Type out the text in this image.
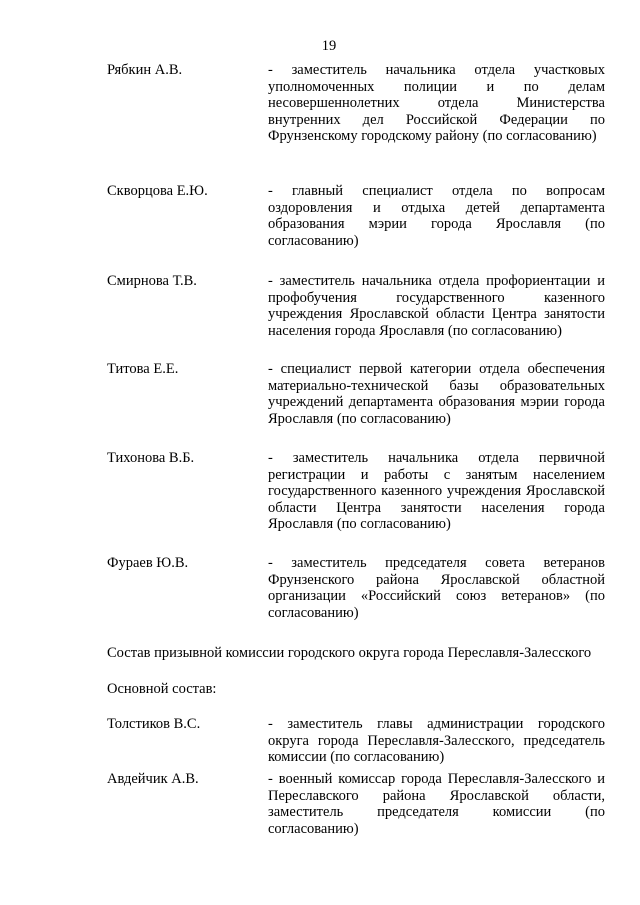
19
Рябкин А.В.	- заместитель начальника отдела участковых уполномоченных полиции и по делам несовершеннолетних отдела Министерства внутренних дел Российской Федерации по Фрунзенскому городскому району (по согласованию)
Скворцова Е.Ю.	- главный специалист отдела по вопросам оздоровления и отдыха детей департамента образования мэрии города Ярославля (по согласованию)
Смирнова Т.В.	- заместитель начальника отдела профориентации и профобучения государственного казенного учреждения Ярославской области Центра занятости населения города Ярославля (по согласованию)
Титова Е.Е.	- специалист первой категории отдела обеспечения материально-технической базы образовательных учреждений департамента образования мэрии города Ярославля (по согласованию)
Тихонова В.Б.	- заместитель начальника отдела первичной регистрации и работы с занятым населением государственного казенного учреждения Ярославской области Центра занятости населения города Ярославля (по согласованию)
Фураев Ю.В.	- заместитель председателя совета ветеранов Фрунзенского района Ярославской областной организации «Российский союз ветеранов» (по согласованию)
Состав призывной комиссии городского округа города Переславля-Залесского
Основной состав:
Толстиков В.С.	- заместитель главы администрации городского округа города Переславля-Залесского, председатель комиссии (по согласованию)
Авдейчик А.В.	- военный комиссар города Переславля-Залесского и Переславского района Ярославской области, заместитель председателя комиссии (по согласованию)
